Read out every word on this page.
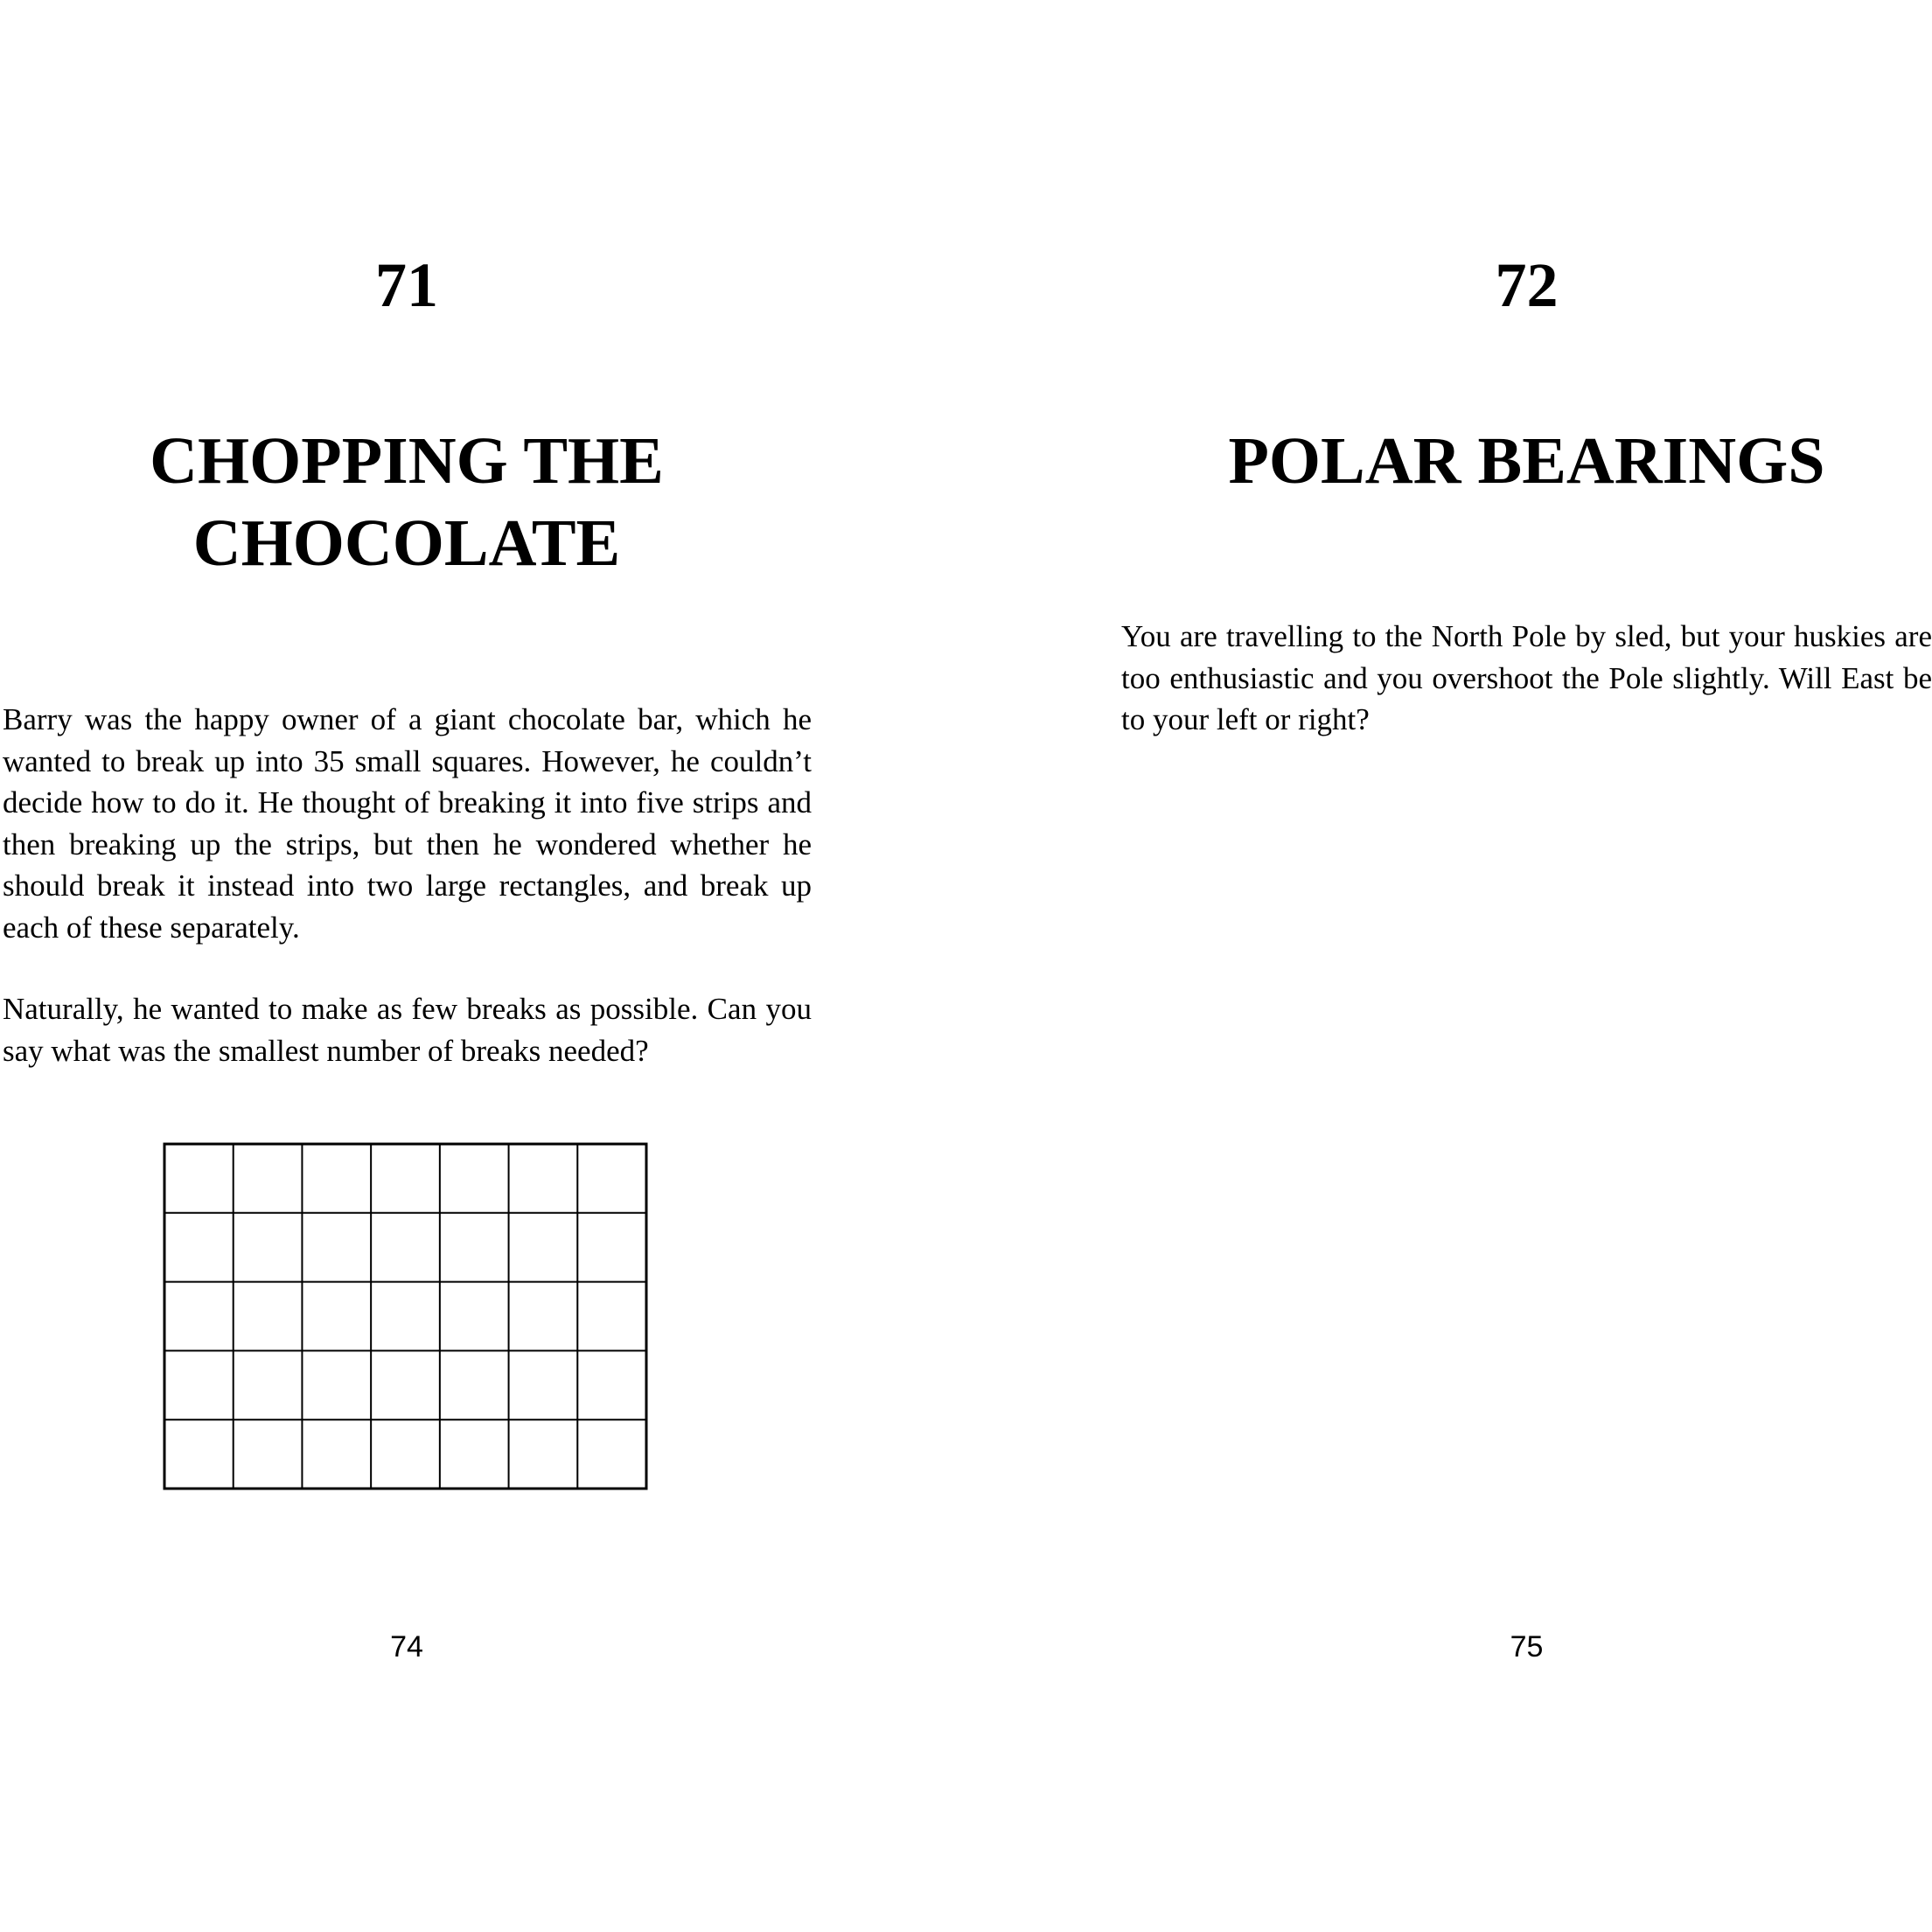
71
CHOPPING THE
CHOCOLATE

Barry was the happy owner of a giant chocolate bar, which he wanted to break up into 35 small squares. However, he couldn’t decide how to do it. He thought of breaking it into five strips and then breaking up the strips, but then he wondered whether he should break it instead into two large rectangles, and break up each of these separately.

Naturally, he wanted to make as few breaks as possible. Can you say what was the smallest number of breaks needed?

74

72
POLAR BEARINGS

You are travelling to the North Pole by sled, but your huskies are too enthusiastic and you overshoot the Pole slightly. Will East be to your left or right?

75
